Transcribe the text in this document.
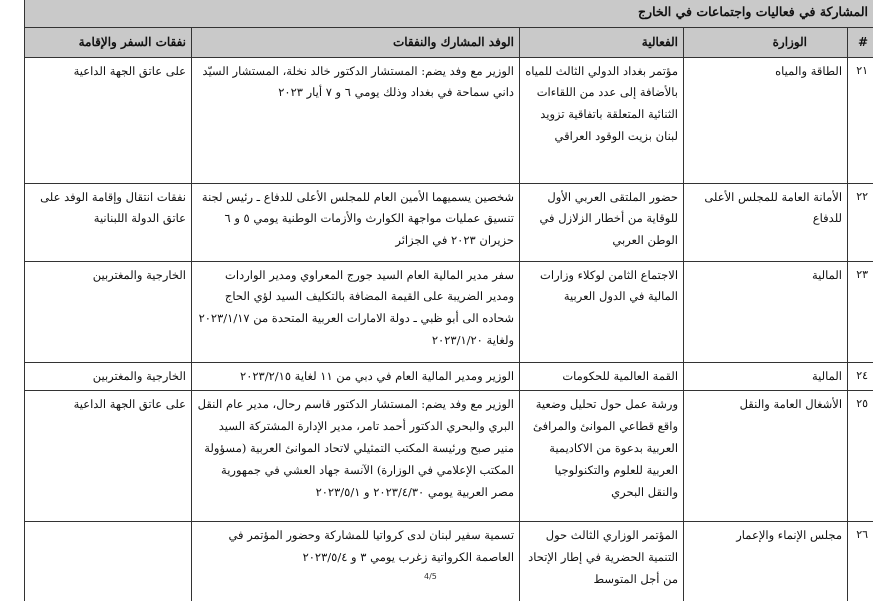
المشاركة في فعاليات واجتماعات في الخارج				
#	الوزارة	الفعالية	الوفد المشارك والنفقات	نفقات السفر والإقامة
٢١	الطاقة والمياه	مؤتمر بغداد الدولي الثالث للمياه بالأضافة إلى عدد من اللقاءات الثنائية المتعلقة باتفاقية تزويد لبنان بزيت الوقود العراقي	الوزير مع وفد يضم: المستشار الدكتور خالد نخلة، المستشار السيّد داني سماحة في بغداد وذلك يومي ٦ و ٧ أيار ٢٠٢٣	على عاتق الجهة الداعية
٢٢	الأمانة العامة للمجلس الأعلى للدفاع	حضور الملتقى العربي الأول للوقاية من أخطار الزلازل في الوطن العربي	شخصين يسميهما الأمين العام للمجلس الأعلى للدفاع ـ رئيس لجنة تنسيق عمليات مواجهة الكوارث والأزمات الوطنية يومي ٥ و ٦ حزيران ٢٠٢٣ في الجزائر	نفقات انتقال وإقامة الوفد على عاتق الدولة اللبنانية
٢٣	المالية	الاجتماع الثامن لوكلاء وزارات المالية في الدول العربية	سفر مدير المالية العام السيد جورج المعراوي ومدير الواردات ومدير الضريبة على القيمة المضافة بالتكليف السيد لؤي الحاج شحاده الى أبو ظبي ـ دولة الامارات العربية المتحدة من ٢٠٢٣/١/١٧ ولغاية ٢٠٢٣/١/٢٠	الخارجية والمغتربين
٢٤	المالية	القمة العالمية للحكومات	الوزير ومدير المالية العام في دبي من ١١ لغاية ٢٠٢٣/٢/١٥	الخارجية والمغتربين
٢٥	الأشغال العامة والنقل	ورشة عمل حول تحليل وضعية واقع قطاعي الموانئ والمرافئ العربية بدعوة من الاكاديمية العربية للعلوم والتكنولوجيا والنقل البحري	الوزير مع وفد يضم: المستشار الدكتور قاسم رحال، مدير عام النقل البري والبحري الدكتور أحمد تامر، مدير الإدارة المشتركة السيد منير صبح ورئيسة المكتب التمثيلي لاتحاد الموانئ العربية (مسؤولة المكتب الإعلامي في الوزارة) الآنسة جهاد العشي في جمهورية مصر العربية يومي ٢٠٢٣/٤/٣٠ و ٢٠٢٣/٥/١	على عاتق الجهة الداعية
٢٦	مجلس الإنماء والإعمار	المؤتمر الوزاري الثالث حول التنمية الحضرية في إطار الإتحاد من أجل المتوسط	تسمية سفير لبنان لدى كرواتيا للمشاركة وحضور المؤتمر في العاصمة الكرواتية زغرب يومي ٣ و ٢٠٢٣/٥/٤	
4/5
